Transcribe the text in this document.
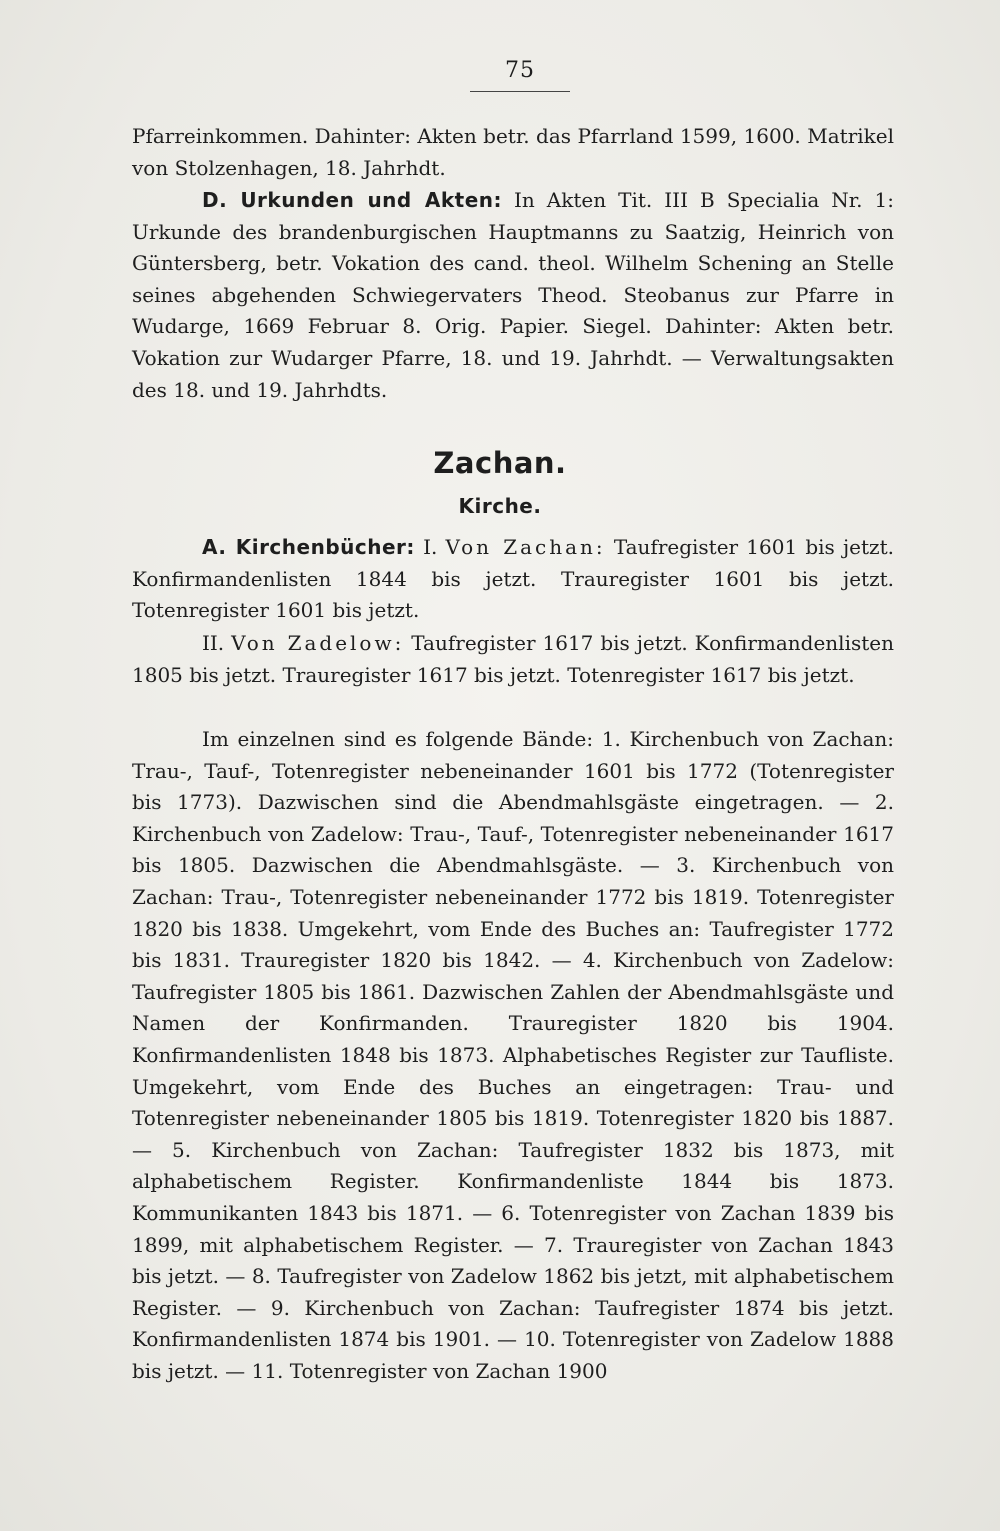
75
Pfarreinkommen. Dahinter: Akten betr. das Pfarrland 1599, 1600. Matrikel von Stolzenhagen, 18. Jahrhdt.
D. Urkunden und Akten: In Akten Tit. III B Specialia Nr. 1: Urkunde des brandenburgischen Hauptmanns zu Saatzig, Heinrich von Güntersberg, betr. Vokation des cand. theol. Wilhelm Schening an Stelle seines abgehenden Schwiegervaters Theod. Steobanus zur Pfarre in Wudarge, 1669 Februar 8. Orig. Papier. Siegel. Dahinter: Akten betr. Vokation zur Wudarger Pfarre, 18. und 19. Jahrhdt. — Verwaltungsakten des 18. und 19. Jahrhdts.
Zachan.
Kirche.
A. Kirchenbücher: I. Von Zachan: Taufregister 1601 bis jetzt. Konfirmandenlisten 1844 bis jetzt. Trauregister 1601 bis jetzt. Totenregister 1601 bis jetzt.
II. Von Zadelow: Taufregister 1617 bis jetzt. Konfirmandenlisten 1805 bis jetzt. Trauregister 1617 bis jetzt. Totenregister 1617 bis jetzt.
Im einzelnen sind es folgende Bände: 1. Kirchenbuch von Zachan: Trau-, Tauf-, Totenregister nebeneinander 1601 bis 1772 (Totenregister bis 1773). Dazwischen sind die Abendmahlsgäste eingetragen. — 2. Kirchenbuch von Zadelow: Trau-, Tauf-, Totenregister nebeneinander 1617 bis 1805. Dazwischen die Abendmahlsgäste. — 3. Kirchenbuch von Zachan: Trau-, Totenregister nebeneinander 1772 bis 1819. Totenregister 1820 bis 1838. Umgekehrt, vom Ende des Buches an: Taufregister 1772 bis 1831. Trauregister 1820 bis 1842. — 4. Kirchenbuch von Zadelow: Taufregister 1805 bis 1861. Dazwischen Zahlen der Abendmahlsgäste und Namen der Konfirmanden. Trauregister 1820 bis 1904. Konfirmandenlisten 1848 bis 1873. Alphabetisches Register zur Taufliste. Umgekehrt, vom Ende des Buches an eingetragen: Trau- und Totenregister nebeneinander 1805 bis 1819. Totenregister 1820 bis 1887. — 5. Kirchenbuch von Zachan: Taufregister 1832 bis 1873, mit alphabetischem Register. Konfirmandenliste 1844 bis 1873. Kommunikanten 1843 bis 1871. — 6. Totenregister von Zachan 1839 bis 1899, mit alphabetischem Register. — 7. Trauregister von Zachan 1843 bis jetzt. — 8. Taufregister von Zadelow 1862 bis jetzt, mit alphabetischem Register. — 9. Kirchenbuch von Zachan: Taufregister 1874 bis jetzt. Konfirmandenlisten 1874 bis 1901. — 10. Totenregister von Zadelow 1888 bis jetzt. — 11. Totenregister von Zachan 1900
